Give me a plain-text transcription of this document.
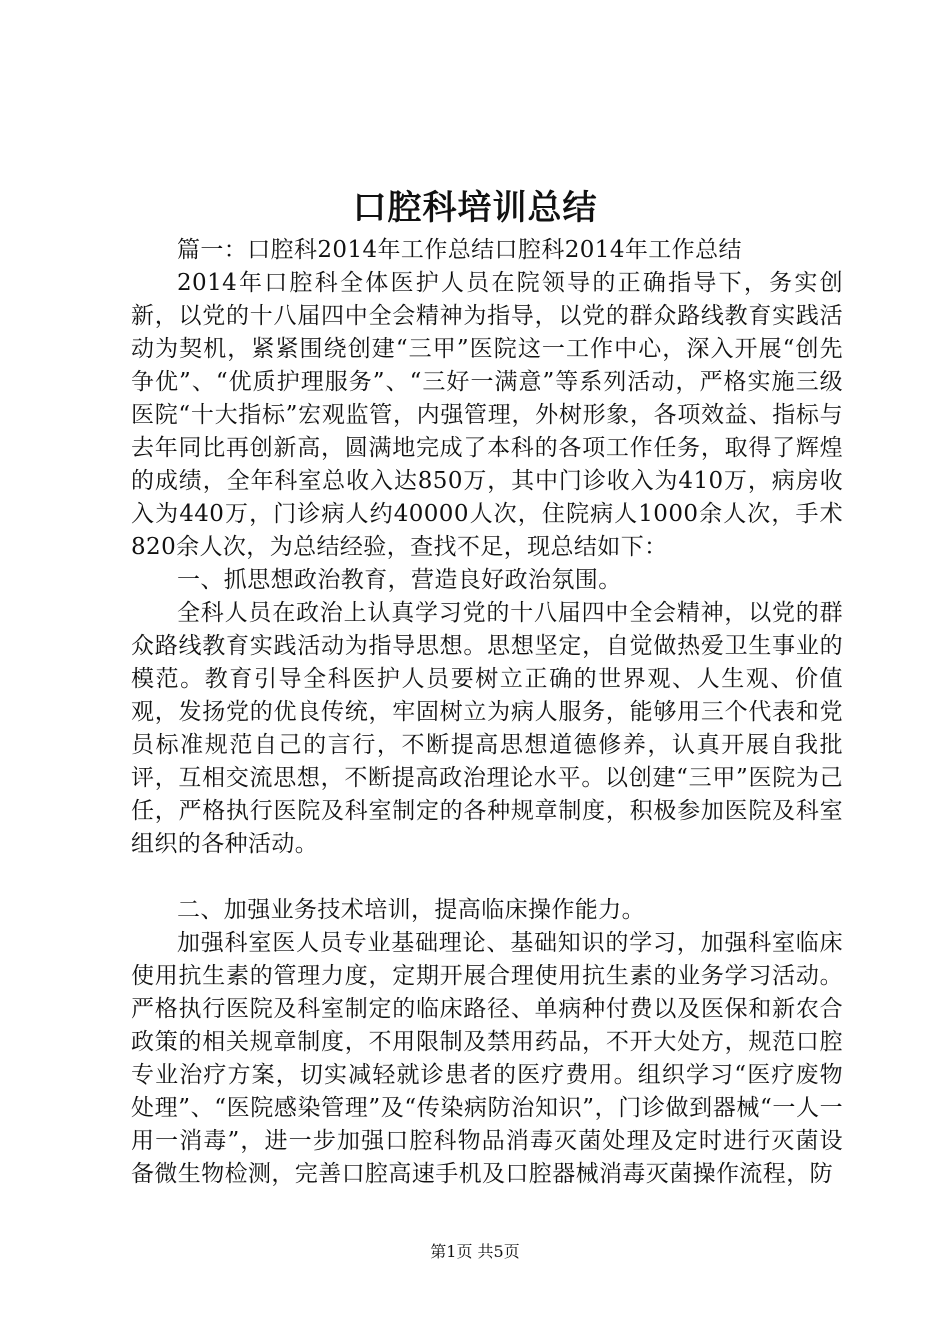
口腔科培训总结

篇一：口腔科2014年工作总结口腔科2014年工作总结

2014年口腔科全体医护人员在院领导的正确指导下，务实创新，以党的十八届四中全会精神为指导，以党的群众路线教育实践活动为契机，紧紧围绕创建“三甲”医院这一工作中心，深入开展“创先争优”、“优质护理服务”、“三好一满意”等系列活动，严格实施三级医院“十大指标”宏观监管，内强管理，外树形象，各项效益、指标与去年同比再创新高，圆满地完成了本科的各项工作任务，取得了辉煌的成绩，全年科室总收入达850万，其中门诊收入为410万，病房收入为440万，门诊病人约40000人次，住院病人1000余人次，手术820余人次，为总结经验，查找不足，现总结如下：

一、抓思想政治教育，营造良好政治氛围。

全科人员在政治上认真学习党的十八届四中全会精神，以党的群众路线教育实践活动为指导思想。思想坚定，自觉做热爱卫生事业的模范。教育引导全科医护人员要树立正确的世界观、人生观、价值观，发扬党的优良传统，牢固树立为病人服务，能够用三个代表和党员标准规范自己的言行，不断提高思想道德修养，认真开展自我批评，互相交流思想，不断提高政治理论水平。以创建“三甲”医院为己任，严格执行医院及科室制定的各种规章制度，积极参加医院及科室组织的各种活动。

二、加强业务技术培训，提高临床操作能力。

加强科室医人员专业基础理论、基础知识的学习，加强科室临床使用抗生素的管理力度，定期开展合理使用抗生素的业务学习活动。严格执行医院及科室制定的临床路径、单病种付费以及医保和新农合政策的相关规章制度，不用限制及禁用药品，不开大处方，规范口腔专业治疗方案，切实减轻就诊患者的医疗费用。组织学习“医疗废物处理”、“医院感染管理”及“传染病防治知识”，门诊做到器械“一人一用一消毒”，进一步加强口腔科物品消毒灭菌处理及定时进行灭菌设备微生物检测，完善口腔高速手机及口腔器械消毒灭菌操作流程，防

第1页 共5页
